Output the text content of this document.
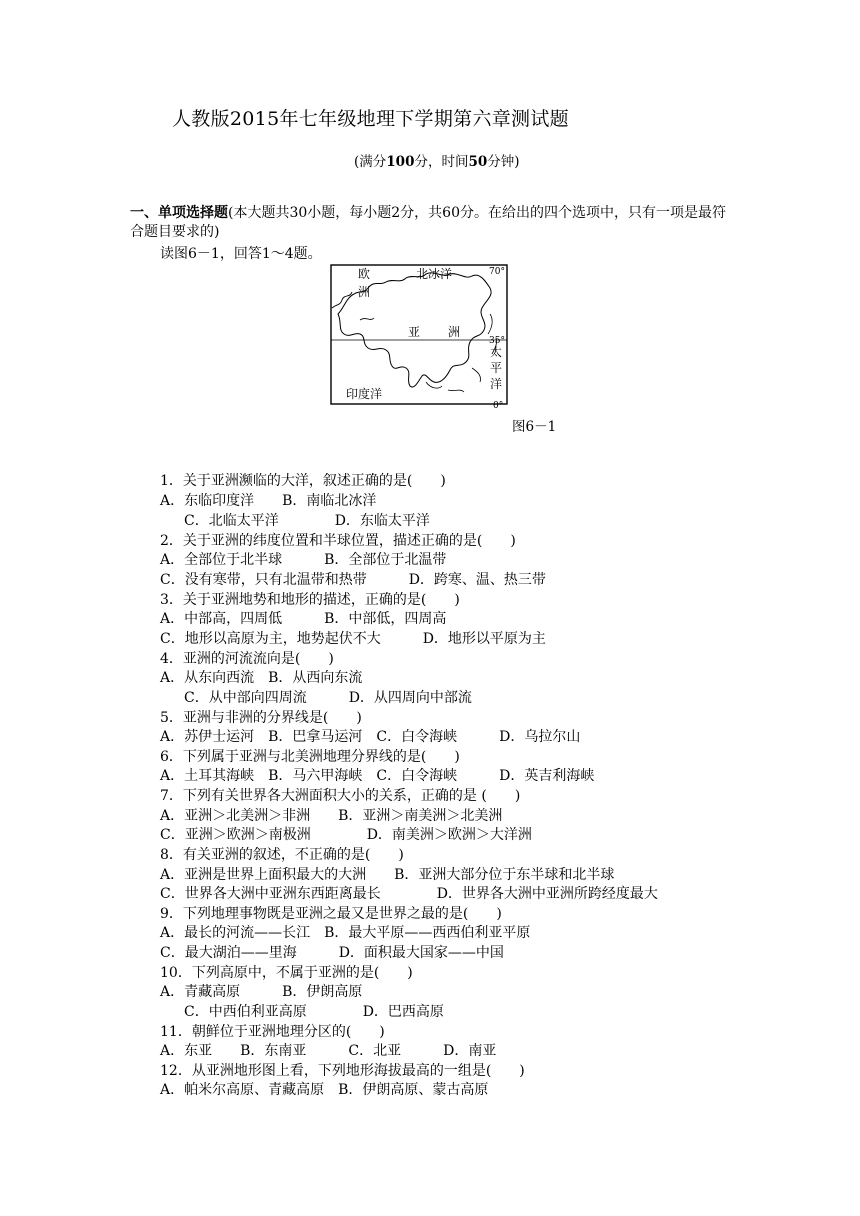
人教版2015年七年级地理下学期第六章测试题
(满分100分，时间50分钟)
一、单项选择题(本大题共30小题，每小题2分，共60分。在给出的四个选项中，只有一项是最符合题目要求的)
读图6－1，回答1～4题。
欧
洲
北冰洋
亚 洲
太
平
洋
印度洋
70°
35°
0°
图6－1
1．关于亚洲濒临的大洋，叙述正确的是(　　)
A．东临印度洋　　B．南临北冰洋
C．北临太平洋　　　　D．东临太平洋
2．关于亚洲的纬度位置和半球位置，描述正确的是(　　)
A．全部位于北半球　　　B．全部位于北温带
C．没有寒带，只有北温带和热带　　　D．跨寒、温、热三带
3．关于亚洲地势和地形的描述，正确的是(　　)
A．中部高，四周低　　　B．中部低，四周高
C．地形以高原为主，地势起伏不大　　　D．地形以平原为主
4．亚洲的河流流向是(　　)
A．从东向西流　B．从西向东流
C．从中部向四周流　　　D．从四周向中部流
5．亚洲与非洲的分界线是(　　)
A．苏伊士运河　B．巴拿马运河　C．白令海峡　　　D．乌拉尔山
6．下列属于亚洲与北美洲地理分界线的是(　　)
A．土耳其海峡　B．马六甲海峡　C．白令海峡　　　D．英吉利海峡
7．下列有关世界各大洲面积大小的关系，正确的是 (　　)
A．亚洲＞北美洲＞非洲　　B．亚洲＞南美洲＞北美洲
C．亚洲＞欧洲＞南极洲　　　　D．南美洲＞欧洲＞大洋洲
8．有关亚洲的叙述，不正确的是(　　)
A．亚洲是世界上面积最大的大洲　　B．亚洲大部分位于东半球和北半球
C．世界各大洲中亚洲东西距离最长　　　　D．世界各大洲中亚洲所跨经度最大
9．下列地理事物既是亚洲之最又是世界之最的是(　　)
A．最长的河流——长江　B．最大平原——西西伯利亚平原
C．最大湖泊——里海　　　D．面积最大国家——中国
10．下列高原中，不属于亚洲的是(　　)
A．青藏高原　　　B．伊朗高原
C．中西伯利亚高原　　　　D．巴西高原
11．朝鲜位于亚洲地理分区的(　　)
A．东亚　　B．东南亚　　　C．北亚　　　D．南亚
12．从亚洲地形图上看，下列地形海拔最高的一组是(　　)
A．帕米尔高原、青藏高原　B．伊朗高原、蒙古高原
